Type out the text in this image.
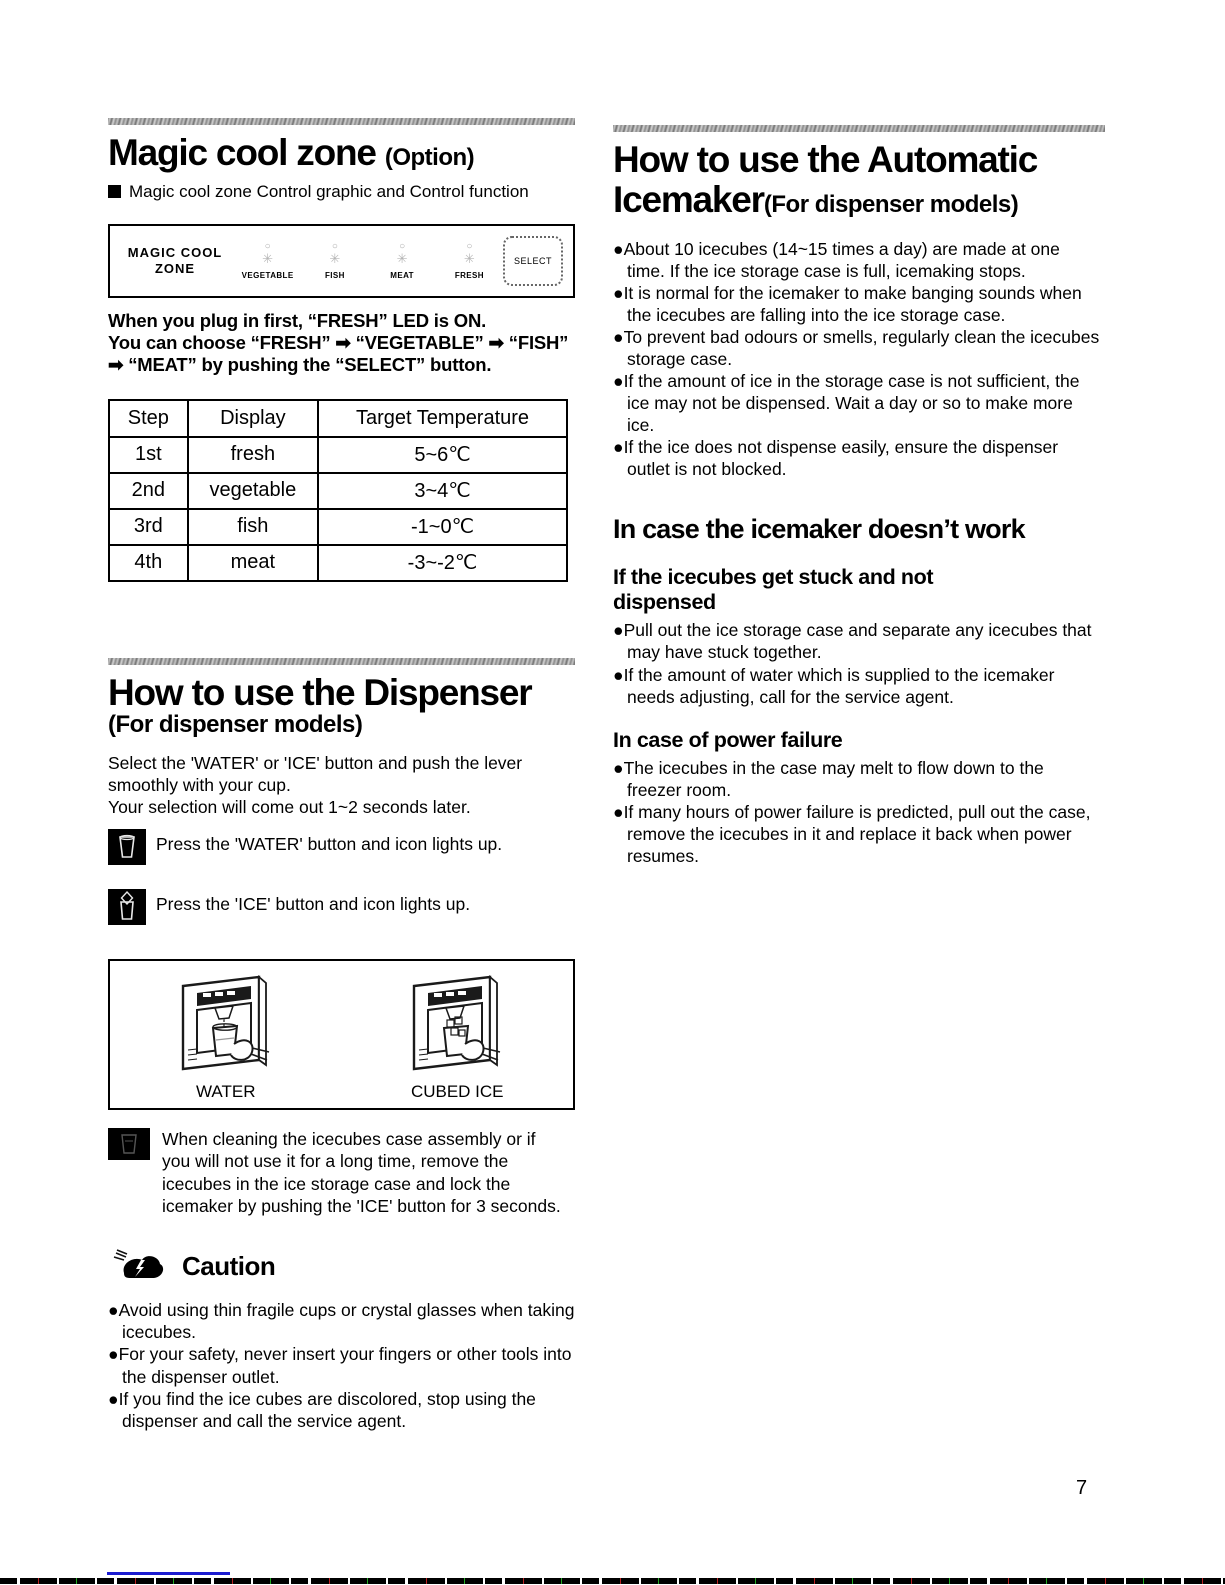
Magic cool zone (Option)
Magic cool zone Control graphic and Control function
MAGIC COOL
ZONE
○
✳
VEGETABLE
○
✳
FISH
○
✳
MEAT
○
✳
FRESH
SELECT
When you plug in first, “FRESH” LED is ON.
You can choose “FRESH” ➡ “VEGETABLE” ➡ “FISH”
➡ “MEAT” by pushing the “SELECT” button.
Step	Display	Target Temperature
1st	fresh	5~6℃
2nd	vegetable	3~4℃
3rd	fish	-1~0℃
4th	meat	-3~-2℃
How to use the Dispenser
(For dispenser models)
Select the 'WATER' or 'ICE' button and push the lever smoothly with your cup.
Your selection will come out 1~2 seconds later.
Press the 'WATER' button and icon lights up.
Press the 'ICE' button and icon lights up.
WATER	CUBED ICE
When cleaning the icecubes case assembly or if you will not use it for a long time, remove the icecubes in the ice storage case and lock the icemaker by pushing the 'ICE' button for 3 seconds.
Caution
●Avoid using thin fragile cups or crystal glasses when taking icecubes.
●For your safety, never insert your fingers or other tools into the dispenser outlet.
●If you find the ice cubes are discolored, stop using the dispenser and call the service agent.
How to use the Automatic
Icemaker(For dispenser models)
●About 10 icecubes (14~15 times a day) are made at one time. If the ice storage case is full, icemaking stops.
●It is normal for the icemaker to make banging sounds when the icecubes are falling into the ice storage case.
●To prevent bad odours or smells, regularly clean the icecubes storage case.
●If the amount of ice in the storage case is not sufficient, the ice may not be dispensed. Wait a day or so to make more ice.
●If the ice does not dispense easily, ensure the dispenser outlet is not blocked.
In case the icemaker doesn’t work
If the icecubes get stuck and not dispensed
●Pull out the ice storage case and separate any icecubes that may have stuck together.
●If the amount of water which is supplied to the icemaker needs adjusting, call for the service agent.
In case of power failure
●The icecubes in the case may melt to flow down to the freezer room.
●If many hours of power failure is predicted, pull out the case, remove the icecubes in it and replace it back when power resumes.
7
